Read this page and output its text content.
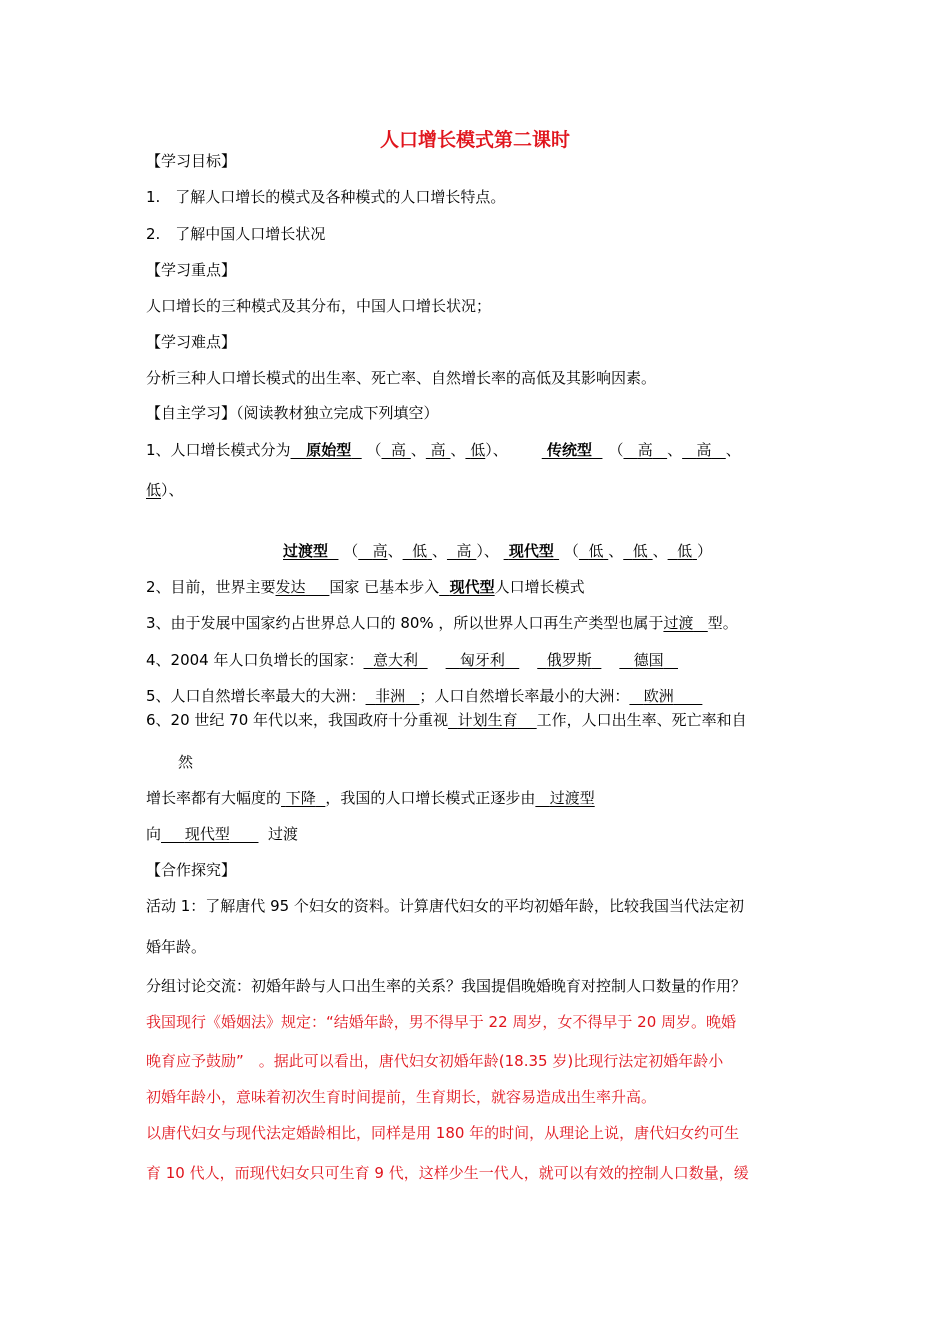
人口增长模式第二课时
【学习目标】
1.　了解人口增长的模式及各种模式的人口增长特点。
2.　了解中国人口增长状况
【学习重点】
人口增长的三种模式及其分布，中国人口增长状况；
【学习难点】
分析三种人口增长模式的出生率、死亡率、自然增长率的高低及其影响因素。
【自主学习】（阅读教材独立完成下列填空）
1、人口增长模式分为 原始型 （ 高 、 高 、 低）、	传统型 （ 高 、 高 、
低）、
过渡型 （ 高、 低 、 高 ）、 现代型 （ 低 、 低 、 低 ）
2、目前，世界主要发达 国家 已基本步入 现代型人口增长模式
3、由于发展中国家约占世界总人口的 80% ，所以世界人口再生产类型也属于过渡 型。
4、2004 年人口负增长的国家： 意大利	匈牙利	俄罗斯	德国
5、人口自然增长率最大的大洲： 非洲 ；人口自然增长率最小的大洲： 欧洲
6、20 世纪 70 年代以来，我国政府十分重视 计划生育 工作，人口出生率、死亡率和自
然
增长率都有大幅度的 下降 ，我国的人口增长模式正逐步由 过渡型
向 现代型	过渡
【合作探究】
活动 1：了解唐代 95 个妇女的资料。计算唐代妇女的平均初婚年龄，比较我国当代法定初
婚年龄。
分组讨论交流：初婚年龄与人口出生率的关系？我国提倡晚婚晚育对控制人口数量的作用？
我国现行《婚姻法》规定：“结婚年龄，男不得早于 22 周岁，女不得早于 20 周岁。晚婚
晚育应予鼓励”　。据此可以看出，唐代妇女初婚年龄(18.35 岁)比现行法定初婚年龄小
初婚年龄小，意味着初次生育时间提前，生育期长，就容易造成出生率升高。
以唐代妇女与现代法定婚龄相比，同样是用 180 年的时间，从理论上说，唐代妇女约可生
育 10 代人，而现代妇女只可生育 9 代，这样少生一代人，就可以有效的控制人口数量，缓
